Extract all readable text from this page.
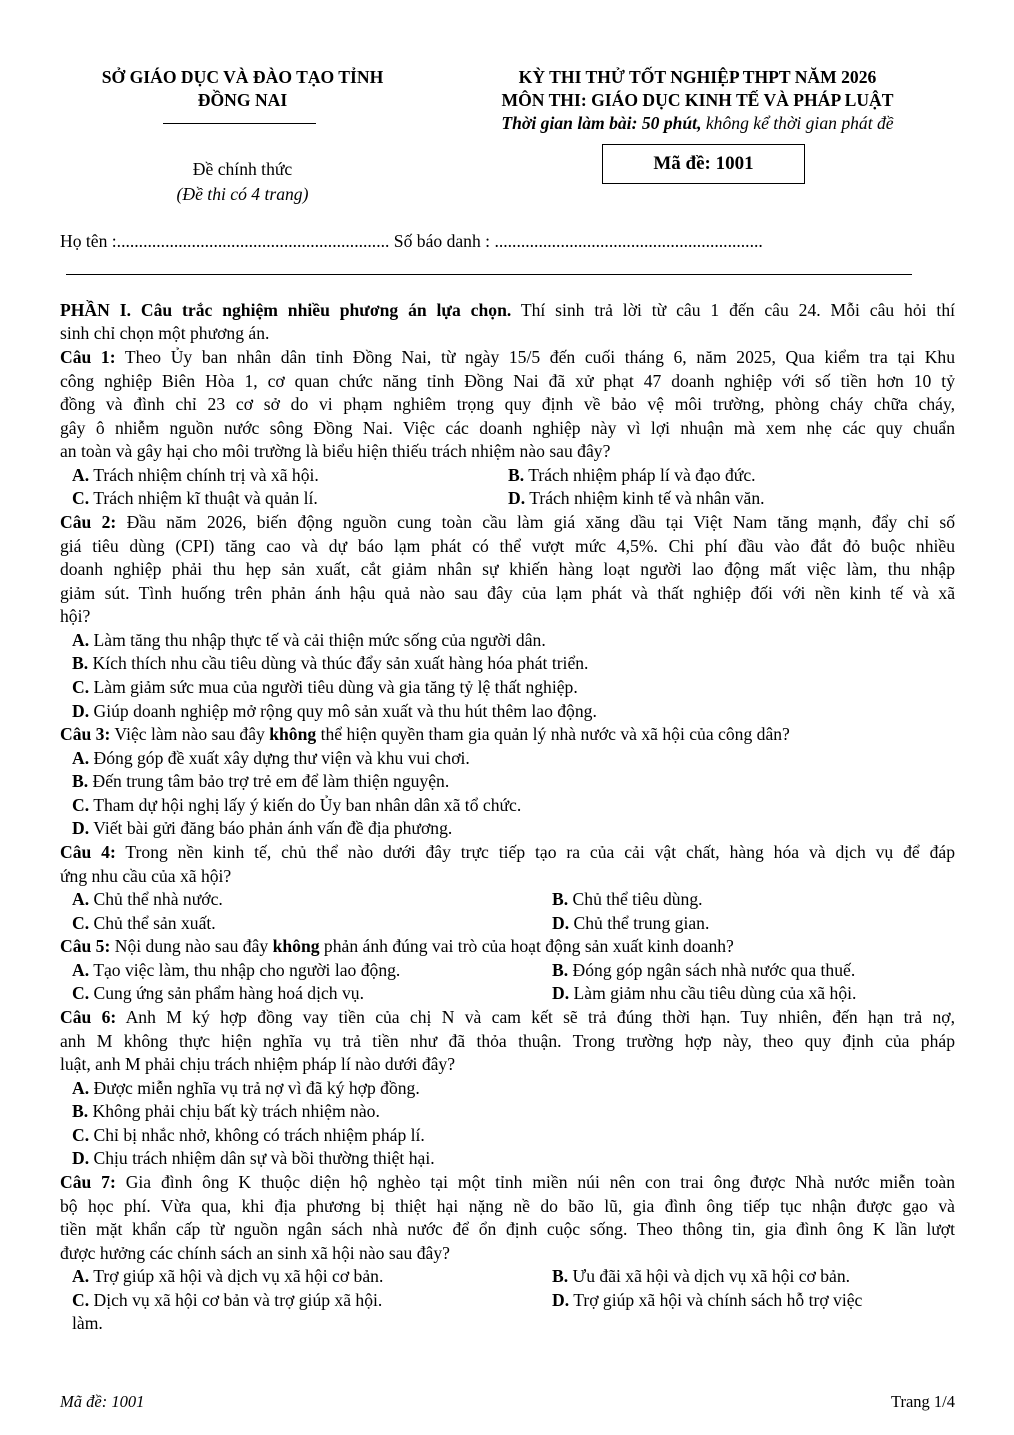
SỞ GIÁO DỤC VÀ ĐÀO TẠO TỈNH
ĐỒNG NAI
Đề chính thức
(Đề thi có 4 trang)
KỲ THI THỬ TỐT NGHIỆP THPT NĂM 2026
MÔN THI: GIÁO DỤC KINH TẾ VÀ PHÁP LUẬT
Thời gian làm bài: 50 phút, không kể thời gian phát đề
Mã đề: 1001
Họ tên :.............................................................. Số báo danh : .............................................................
PHẦN I. Câu trắc nghiệm nhiều phương án lựa chọn. Thí sinh trả lời từ câu 1 đến câu 24. Mỗi câu hỏi thí
sinh chỉ chọn một phương án.
Câu 1: Theo Ủy ban nhân dân tỉnh Đồng Nai, từ ngày 15/5 đến cuối tháng 6, năm 2025, Qua kiểm tra tại Khu
công nghiệp Biên Hòa 1, cơ quan chức năng tỉnh Đồng Nai đã xử phạt 47 doanh nghiệp với số tiền hơn 10 tỷ
đồng và đình chỉ 23 cơ sở do vi phạm nghiêm trọng quy định về bảo vệ môi trường, phòng cháy chữa cháy,
gây ô nhiễm nguồn nước sông Đồng Nai. Việc các doanh nghiệp này vì lợi nhuận mà xem nhẹ các quy chuẩn
an toàn và gây hại cho môi trường là biểu hiện thiếu trách nhiệm nào sau đây?
A. Trách nhiệm chính trị và xã hội.	B. Trách nhiệm pháp lí và đạo đức.
C. Trách nhiệm kĩ thuật và quản lí.	D. Trách nhiệm kinh tế và nhân văn.
Câu 2: Đầu năm 2026, biến động nguồn cung toàn cầu làm giá xăng dầu tại Việt Nam tăng mạnh, đẩy chỉ số
giá tiêu dùng (CPI) tăng cao và dự báo lạm phát có thể vượt mức 4,5%. Chi phí đầu vào đắt đỏ buộc nhiều
doanh nghiệp phải thu hẹp sản xuất, cắt giảm nhân sự khiến hàng loạt người lao động mất việc làm, thu nhập
giảm sút. Tình huống trên phản ánh hậu quả nào sau đây của lạm phát và thất nghiệp đối với nền kinh tế và xã
hội?
A. Làm tăng thu nhập thực tế và cải thiện mức sống của người dân.
B. Kích thích nhu cầu tiêu dùng và thúc đẩy sản xuất hàng hóa phát triển.
C. Làm giảm sức mua của người tiêu dùng và gia tăng tỷ lệ thất nghiệp.
D. Giúp doanh nghiệp mở rộng quy mô sản xuất và thu hút thêm lao động.
Câu 3: Việc làm nào sau đây không thể hiện quyền tham gia quản lý nhà nước và xã hội của công dân?
A. Đóng góp đề xuất xây dựng thư viện và khu vui chơi.
B. Đến trung tâm bảo trợ trẻ em để làm thiện nguyện.
C. Tham dự hội nghị lấy ý kiến do Ủy ban nhân dân xã tổ chức.
D. Viết bài gửi đăng báo phản ánh vấn đề địa phương.
Câu 4: Trong nền kinh tế, chủ thể nào dưới đây trực tiếp tạo ra của cải vật chất, hàng hóa và dịch vụ để đáp
ứng nhu cầu của xã hội?
A. Chủ thể nhà nước.	B. Chủ thể tiêu dùng.
C. Chủ thể sản xuất.	D. Chủ thể trung gian.
Câu 5: Nội dung nào sau đây không phản ánh đúng vai trò của hoạt động sản xuất kinh doanh?
A. Tạo việc làm, thu nhập cho người lao động.	B. Đóng góp ngân sách nhà nước qua thuế.
C. Cung ứng sản phẩm hàng hoá dịch vụ.	D. Làm giảm nhu cầu tiêu dùng của xã hội.
Câu 6: Anh M ký hợp đồng vay tiền của chị N và cam kết sẽ trả đúng thời hạn. Tuy nhiên, đến hạn trả nợ,
anh M không thực hiện nghĩa vụ trả tiền như đã thỏa thuận. Trong trường hợp này, theo quy định của pháp
luật, anh M phải chịu trách nhiệm pháp lí nào dưới đây?
A. Được miễn nghĩa vụ trả nợ vì đã ký hợp đồng.
B. Không phải chịu bất kỳ trách nhiệm nào.
C. Chỉ bị nhắc nhở, không có trách nhiệm pháp lí.
D. Chịu trách nhiệm dân sự và bồi thường thiệt hại.
Câu 7: Gia đình ông K thuộc diện hộ nghèo tại một tỉnh miền núi nên con trai ông được Nhà nước miễn toàn
bộ học phí. Vừa qua, khi địa phương bị thiệt hại nặng nề do bão lũ, gia đình ông tiếp tục nhận được gạo và
tiền mặt khẩn cấp từ nguồn ngân sách nhà nước để ổn định cuộc sống. Theo thông tin, gia đình ông K lần lượt
được hưởng các chính sách an sinh xã hội nào sau đây?
A. Trợ giúp xã hội và dịch vụ xã hội cơ bản.	B. Ưu đãi xã hội và dịch vụ xã hội cơ bản.
C. Dịch vụ xã hội cơ bản và trợ giúp xã hội.	D. Trợ giúp xã hội và chính sách hỗ trợ việc
làm.
Mã đề: 1001	Trang 1/4
